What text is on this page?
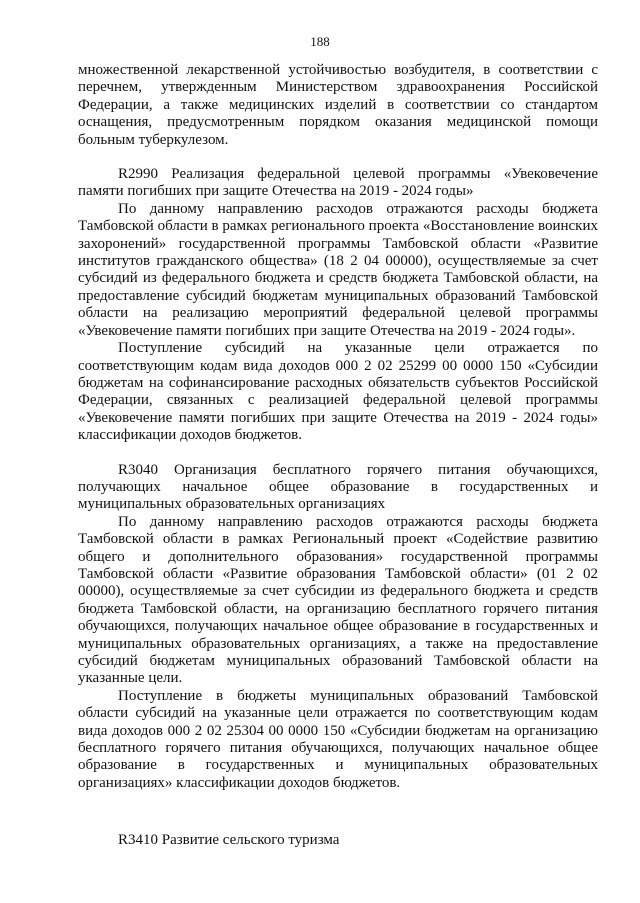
188

множественной лекарственной устойчивостью возбудителя, в соответствии с перечнем, утвержденным Министерством здравоохранения Российской Федерации, а также медицинских изделий в соответствии со стандартом оснащения, предусмотренным порядком оказания медицинской помощи больным туберкулезом.

R2990 Реализация федеральной целевой программы «Увековечение памяти погибших при защите Отечества на 2019 - 2024 годы»

По данному направлению расходов отражаются расходы бюджета Тамбовской области в рамках регионального проекта «Восстановление воинских захоронений» государственной программы Тамбовской области «Развитие институтов гражданского общества» (18 2 04 00000), осуществляемые за счет субсидий из федерального бюджета и средств бюджета Тамбовской области, на предоставление субсидий бюджетам муниципальных образований Тамбовской области на реализацию мероприятий федеральной целевой программы «Увековечение памяти погибших при защите Отечества на 2019 - 2024 годы».

Поступление субсидий на указанные цели отражается по соответствующим кодам вида доходов 000 2 02 25299 00 0000 150 «Субсидии бюджетам на софинансирование расходных обязательств субъектов Российской Федерации, связанных с реализацией федеральной целевой программы «Увековечение памяти погибших при защите Отечества на 2019 - 2024 годы» классификации доходов бюджетов.

R3040 Организация бесплатного горячего питания обучающихся, получающих начальное общее образование в государственных и муниципальных образовательных организациях

По данному направлению расходов отражаются расходы бюджета Тамбовской области в рамках Региональный проект «Содействие развитию общего и дополнительного образования» государственной программы Тамбовской области «Развитие образования Тамбовской области» (01 2 02 00000), осуществляемые за счет субсидии из федерального бюджета и средств бюджета Тамбовской области, на организацию бесплатного горячего питания обучающихся, получающих начальное общее образование в государственных и муниципальных образовательных организациях, а также на предоставление субсидий бюджетам муниципальных образований Тамбовской области на указанные цели.

Поступление в бюджеты муниципальных образований Тамбовской области субсидий на указанные цели отражается по соответствующим кодам вида доходов 000 2 02 25304 00 0000 150 «Субсидии бюджетам на организацию бесплатного горячего питания обучающихся, получающих начальное общее образование в государственных и муниципальных образовательных организациях» классификации доходов бюджетов.

R3410 Развитие сельского туризма
